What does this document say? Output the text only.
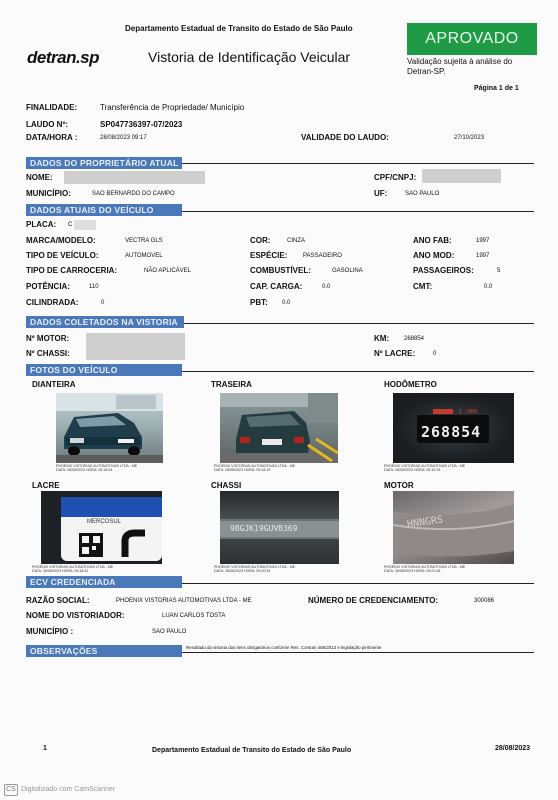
Departamento Estadual de Transito do Estado de São Paulo
detran.sp	Vistoria de Identificação Veicular
APROVADO
Validação sujeita à análise do
Detran-SP.
Página 1 de 1
FINALIDADE:	Transferência de Propriedade/ Município
LAUDO Nº:	SP047736397-07/2023
DATA/HORA :	28/08/2023 09:17	VALIDADE DO LAUDO:	27/10/2023
DADOS DO PROPRIETÁRIO ATUAL
NOME:	CPF/CNPJ:
MUNICÍPIO:	SAO BERNARDO DO CAMPO	UF:	SAO PAULO
DADOS ATUAIS DO VEÍCULO
PLACA: C
MARCA/MODELO:	VECTRA GLS	COR:	CINZA	ANO FAB:	1997
TIPO DE VEÍCULO:	AUTOMOVEL	ESPÉCIE:	PASSAGEIRO	ANO MOD:	1997
TIPO DE CARROCERIA:	NÃO APLICÁVEL	COMBUSTÍVEL:	GASOLINA	PASSAGEIROS:	5
POTÊNCIA:	110	CAP. CARGA:	0.0	CMT:	0.0
CILINDRADA:	0	PBT: 0.0
DADOS COLETADOS NA VISTORIA
Nº MOTOR:	KM: 268854
Nº CHASSI:	Nº LACRE:	0
FOTOS DO VEÍCULO
DIANTEIRA	TRASEIRA	HODÔMETRO
PHOENIX VISTORIAS AUTOMOTIVAS LTDA - ME
DATA: 28/08/2023 HORA: 09:18:04
PHOENIX VISTORIAS AUTOMOTIVAS LTDA - ME
DATA: 28/08/2023 HORA: 09:18:19
1 /800
268854
PHOENIX VISTORIAS AUTOMOTIVAS LTDA - ME
DATA: 28/08/2023 HORA: 09:19:14
LACRE	CHASSI	MOTOR
MERCOSUL
PHOENIX VISTORIAS AUTOMOTIVAS LTDA - ME
DATA: 28/08/2023 HORA: 09:18:42
9BGJK19GUVB369
PHOENIX VISTORIAS AUTOMOTIVAS LTDA - ME
DATA: 28/08/2023 HORA: 09:20:34
HNNGRS
PHOENIX VISTORIAS AUTOMOTIVAS LTDA - ME
DATA: 28/08/2023 HORA: 09:21:08
ECV CREDENCIADA
RAZÃO SOCIAL:	PHOENIX VISTORIAS AUTOMOTIVAS LTDA - ME	NÚMERO DE CREDENCIAMENTO:	300086
NOME DO VISTORIADOR:	LUAN CARLOS TOSTA
MUNICÍPIO :	SAO PAULO
OBSERVAÇÕES	Resultado da vistoria dos itens obrigatórios conforme Res. Contran 466/2013 e legislação pertinente
1	Departamento Estadual de Transito do Estado de São Paulo	28/08/2023
CS Digitalizado com CamScanner
